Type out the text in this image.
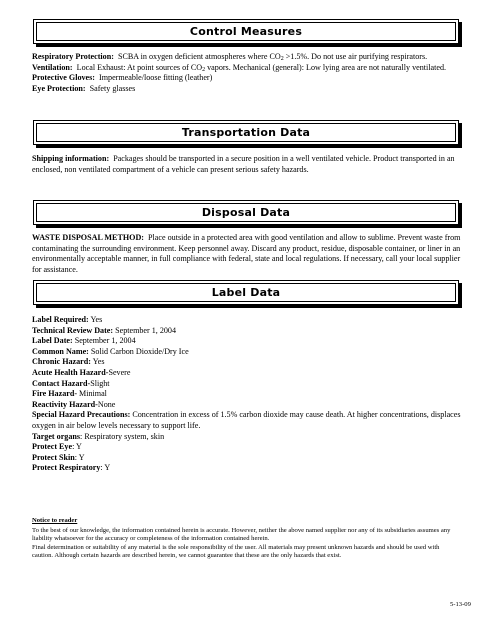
Control Measures

Respiratory Protection: SCBA in oxygen deficient atmospheres where $CO_2 >1.5\%$. Do not use air purifying respirators.

Ventilation: Local Exhaust: At point sources of $CO_2$ vapors. Mechanical (general): Low lying area are not naturally ventilated.

Protective Gloves: Impermeable/loose fitting (leather)

Eye Protection: Safety glasses

Transportation Data

Shipping information: Packages should be transported in a secure position in a well ventilated vehicle. Product transported in an enclosed, non ventilated compartment of a vehicle can present serious safety hazards.

Disposal Data

WASTE DISPOSAL METHOD: Place outside in a protected area with good ventilation and allow to sublime. Prevent waste from contaminating the surrounding environment. Keep personnel away. Discard any product, residue, disposable container, or liner in an environmentally acceptable manner, in full compliance with federal, state and local regulations. If necessary, call your local supplier for assistance.

Label Data

Label Required: Yes

Technical Review Date: September 1, 2004

Label Date: September 1, 2004

Common Name: Solid Carbon Dioxide/Dry Ice

Chronic Hazard: Yes

Acute Health Hazard-Severe

Contact Hazard-Slight

Fire Hazard- Minimal

Reactivity Hazard-None

Special Hazard Precautions: Concentration in excess of 1.5% carbon dioxide may cause death. At higher concentrations, displaces oxygen in air below levels necessary to support life.

Target organs: Respiratory system, skin

Protect Eye: Y

Protect Skin: Y

Protect Respiratory: Y

Notice to reader

To the best of our knowledge, the information contained herein is accurate. However, neither the above named supplier nor any of its subsidiaries assumes any liability whatsoever for the accuracy or completeness of the information contained herein.

Final determination or suitability of any material is the sole responsibility of the user. All materials may present unknown hazards and should be used with caution. Although certain hazards are described herein, we cannot guarantee that these are the only hazards that exist.

5-13-09
